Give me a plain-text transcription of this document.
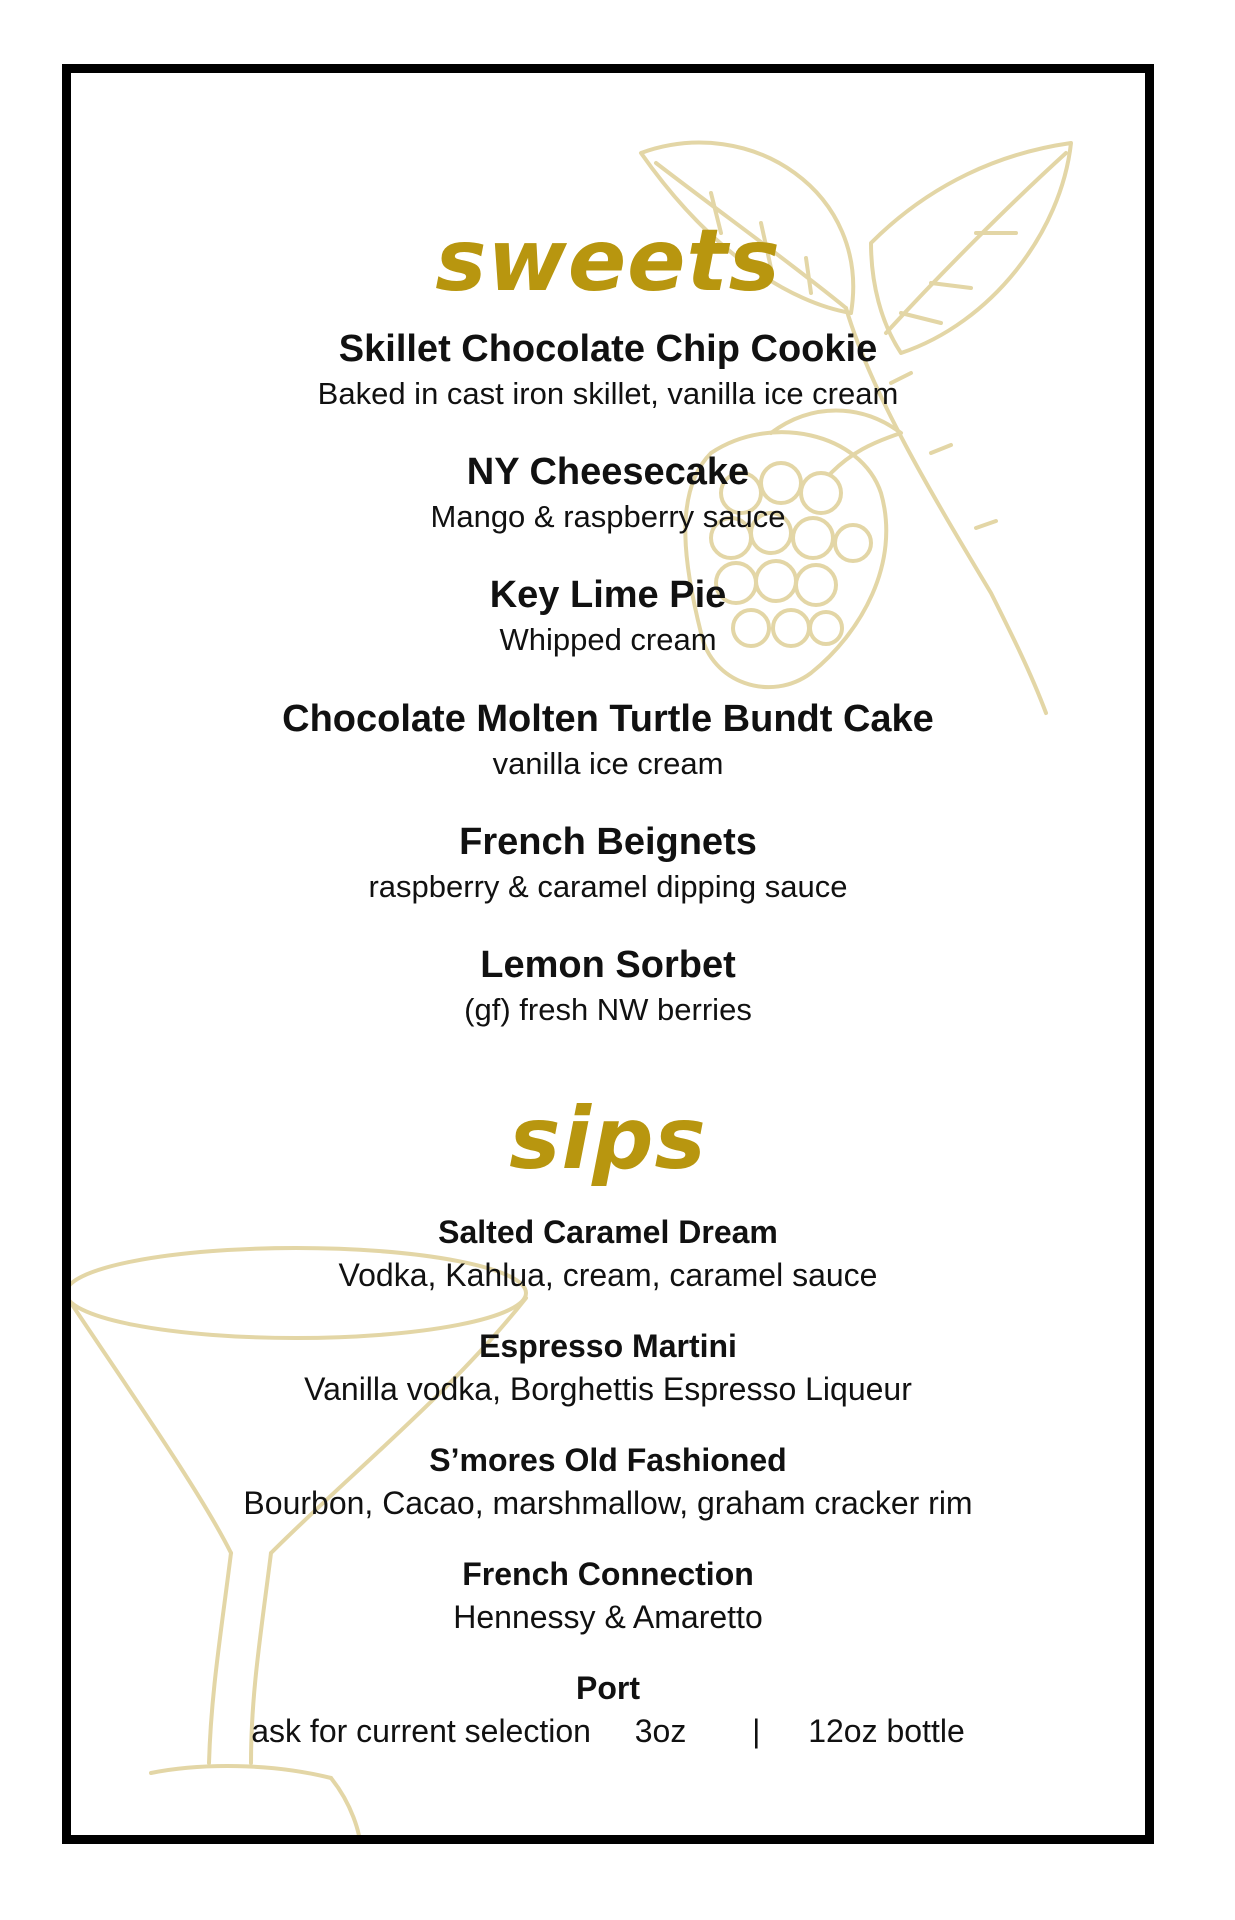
sweets
Skillet Chocolate Chip Cookie
Baked in cast iron skillet, vanilla ice cream
NY Cheesecake
Mango & raspberry sauce
Key Lime Pie
Whipped cream
Chocolate Molten Turtle Bundt Cake
vanilla ice cream
French Beignets
raspberry & caramel dipping sauce
Lemon Sorbet
(gf) fresh NW berries
sips
Salted Caramel Dream
Vodka, Kahlua, cream, caramel sauce
Espresso Martini
Vanilla vodka, Borghettis Espresso Liqueur
S’mores Old Fashioned
Bourbon, Cacao, marshmallow, graham cracker rim
French Connection
Hennessy & Amaretto
Port
ask for current selection 3oz | 12oz bottle
